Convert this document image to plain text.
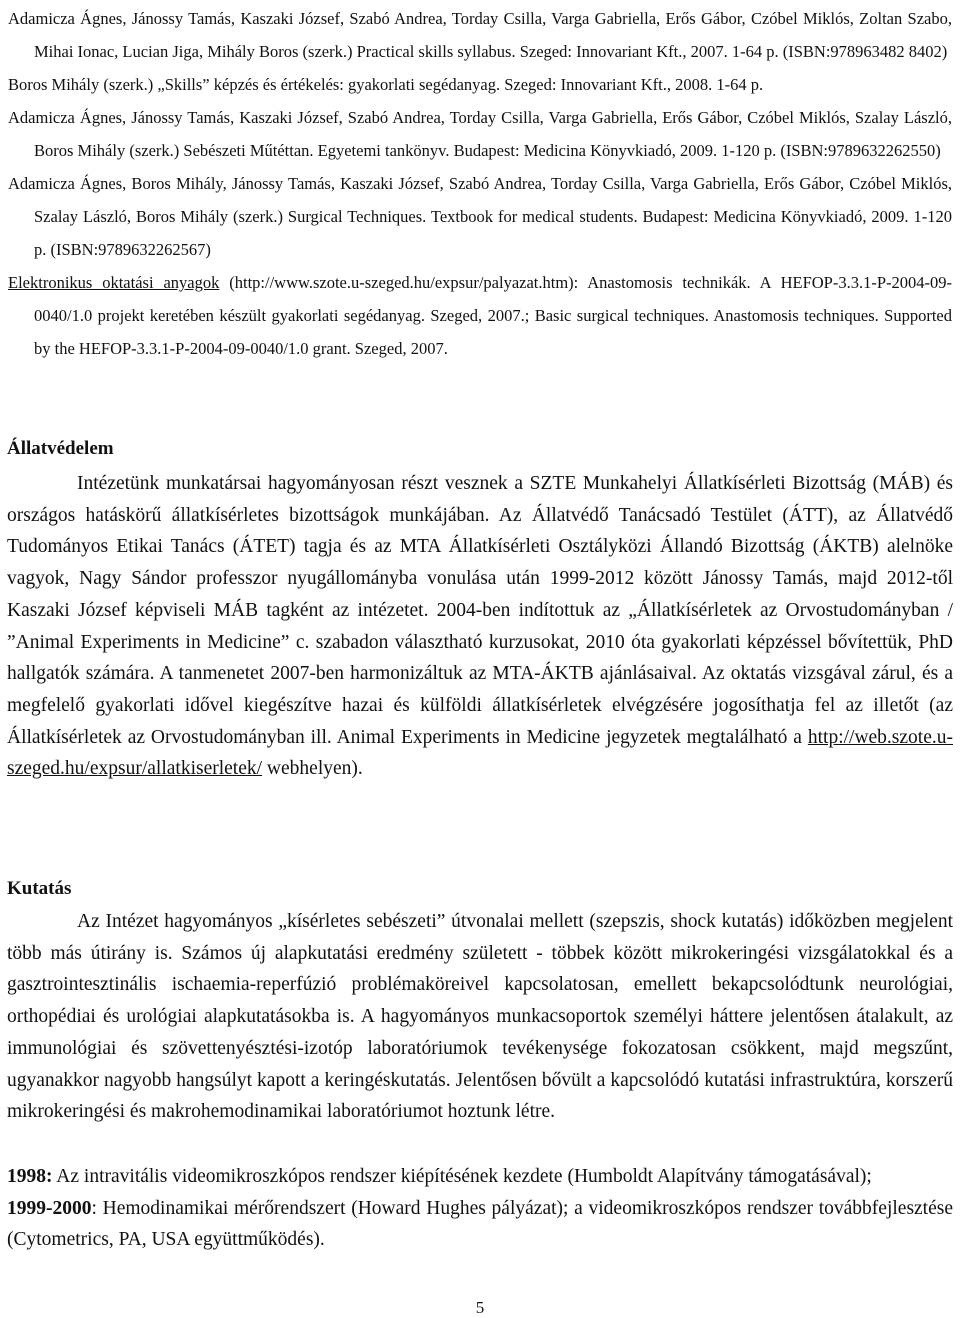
Adamicza Ágnes, Jánossy Tamás, Kaszaki József, Szabó Andrea, Torday Csilla, Varga Gabriella, Erős Gábor, Czóbel Miklós, Zoltan Szabo, Mihai Ionac, Lucian Jiga, Mihály Boros (szerk.) Practical skills syllabus. Szeged: Innovariant Kft., 2007. 1-64 p. (ISBN:978963482 8402)

Boros Mihály (szerk.) „Skills” képzés és értékelés: gyakorlati segédanyag. Szeged: Innovariant Kft., 2008. 1-64 p.

Adamicza Ágnes, Jánossy Tamás, Kaszaki József, Szabó Andrea, Torday Csilla, Varga Gabriella, Erős Gábor, Czóbel Miklós, Szalay László, Boros Mihály (szerk.) Sebészeti Műtéttan. Egyetemi tankönyv. Budapest: Medicina Könyvkiadó, 2009. 1-120 p. (ISBN:9789632262550)

Adamicza Ágnes, Boros Mihály, Jánossy Tamás, Kaszaki József, Szabó Andrea, Torday Csilla, Varga Gabriella, Erős Gábor, Czóbel Miklós, Szalay László, Boros Mihály (szerk.) Surgical Techniques. Textbook for medical students. Budapest: Medicina Könyvkiadó, 2009. 1-120 p. (ISBN:9789632262567)

Elektronikus oktatási anyagok (http://www.szote.u-szeged.hu/expsur/palyazat.htm): Anastomosis technikák. A HEFOP-3.3.1-P-2004-09-0040/1.0 projekt keretében készült gyakorlati segédanyag. Szeged, 2007.; Basic surgical techniques. Anastomosis techniques. Supported by the HEFOP-3.3.1-P-2004-09-0040/1.0 grant. Szeged, 2007.

Állatvédelem

Intézetünk munkatársai hagyományosan részt vesznek a SZTE Munkahelyi Állatkísérleti Bizottság (MÁB) és országos hatáskörű állatkísérletes bizottságok munkájában. Az Állatvédő Tanácsadó Testület (ÁTT), az Állatvédő Tudományos Etikai Tanács (ÁTET) tagja és az MTA Állatkísérleti Osztályközi Állandó Bizottság (ÁKTB) alelnöke vagyok, Nagy Sándor professzor nyugállományba vonulása után 1999-2012 között Jánossy Tamás, majd 2012-től Kaszaki József képviseli MÁB tagként az intézetet. 2004-ben indítottuk az „Állatkísérletek az Orvostudományban / ”Animal Experiments in Medicine” c. szabadon választható kurzusokat, 2010 óta gyakorlati képzéssel bővítettük, PhD hallgatók számára. A tanmenetet 2007-ben harmonizáltuk az MTA-ÁKTB ajánlásaival. Az oktatás vizsgával zárul, és a megfelelő gyakorlati idővel kiegészítve hazai és külföldi állatkísérletek elvégzésére jogosíthatja fel az illetőt (az Állatkísérletek az Orvostudományban ill. Animal Experiments in Medicine jegyzetek megtalálható a http://web.szote.u-szeged.hu/expsur/allatkiserletek/ webhelyen).

Kutatás

Az Intézet hagyományos „kísérletes sebészeti” útvonalai mellett (szepszis, shock kutatás) időközben megjelent több más útirány is. Számos új alapkutatási eredmény született - többek között mikrokeringési vizsgálatokkal és a gasztrointesztinális ischaemia-reperfúzió problémaköreivel kapcsolatosan, emellett bekapcsolódtunk neurológiai, orthopédiai és urológiai alapkutatásokba is. A hagyományos munkacsoportok személyi háttere jelentősen átalakult, az immunológiai és szövettenyésztési-izotóp laboratóriumok tevékenysége fokozatosan csökkent, majd megszűnt, ugyanakkor nagyobb hangsúlyt kapott a keringéskutatás. Jelentősen bővült a kapcsolódó kutatási infrastruktúra, korszerű mikrokeringési és makrohemodinamikai laboratóriumot hoztunk létre.

1998: Az intravitális videomikroszkópos rendszer kiépítésének kezdete (Humboldt Alapítvány támogatásával);

1999-2000: Hemodinamikai mérőrendszert (Howard Hughes pályázat); a videomikroszkópos rendszer továbbfejlesztése (Cytometrics, PA, USA együttműködés).

5
